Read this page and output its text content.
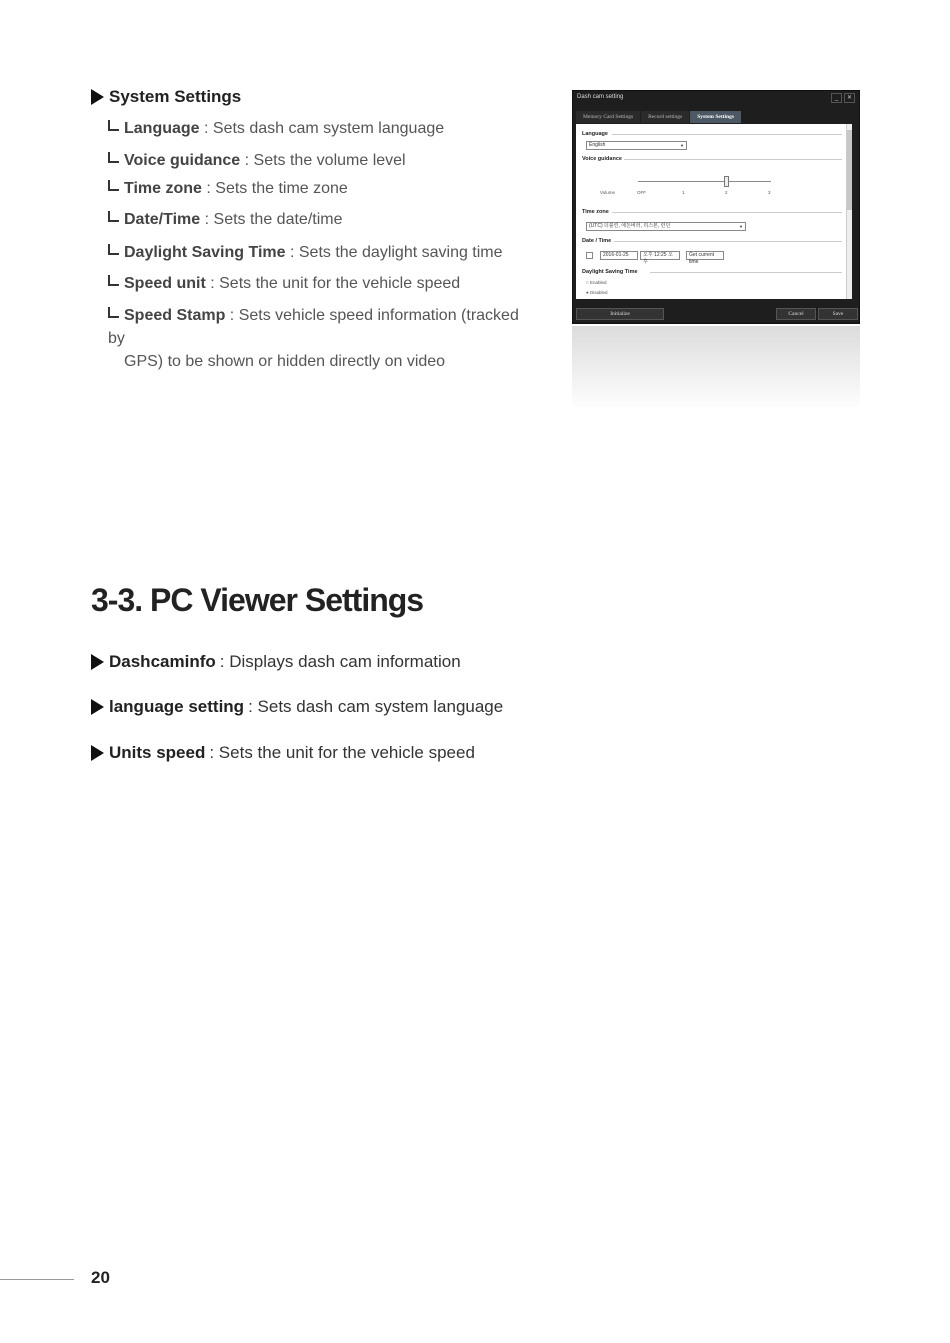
System Settings
Language : Sets dash cam system language
Voice guidance : Sets the volume level
Time zone : Sets the time zone
Date/Time : Sets the date/time
Daylight Saving Time : Sets the daylight saving time
Speed unit : Sets the unit for the vehicle speed
Speed Stamp : Sets vehicle speed information (tracked by
GPS) to be shown or hidden directly on video
Dash cam setting	_	✕
Memory Card Settings	Record settings	System Settings
Language
English	▼
Voice guidance
Volume	OFF	1	2	3
Time zone
(UTC) 더블린, 에든버러, 리스본, 런던	▼
Date / Time
2016-01-25	오후 12:25 오후
Get current time
Daylight Saving Time
○ Enabled
● Disabled
Initialize	Cancel	Save
3-3. PC Viewer Settings
Dashcaminfo : Displays dash cam information
language setting : Sets dash cam system language
Units speed : Sets the unit for the vehicle speed
20
